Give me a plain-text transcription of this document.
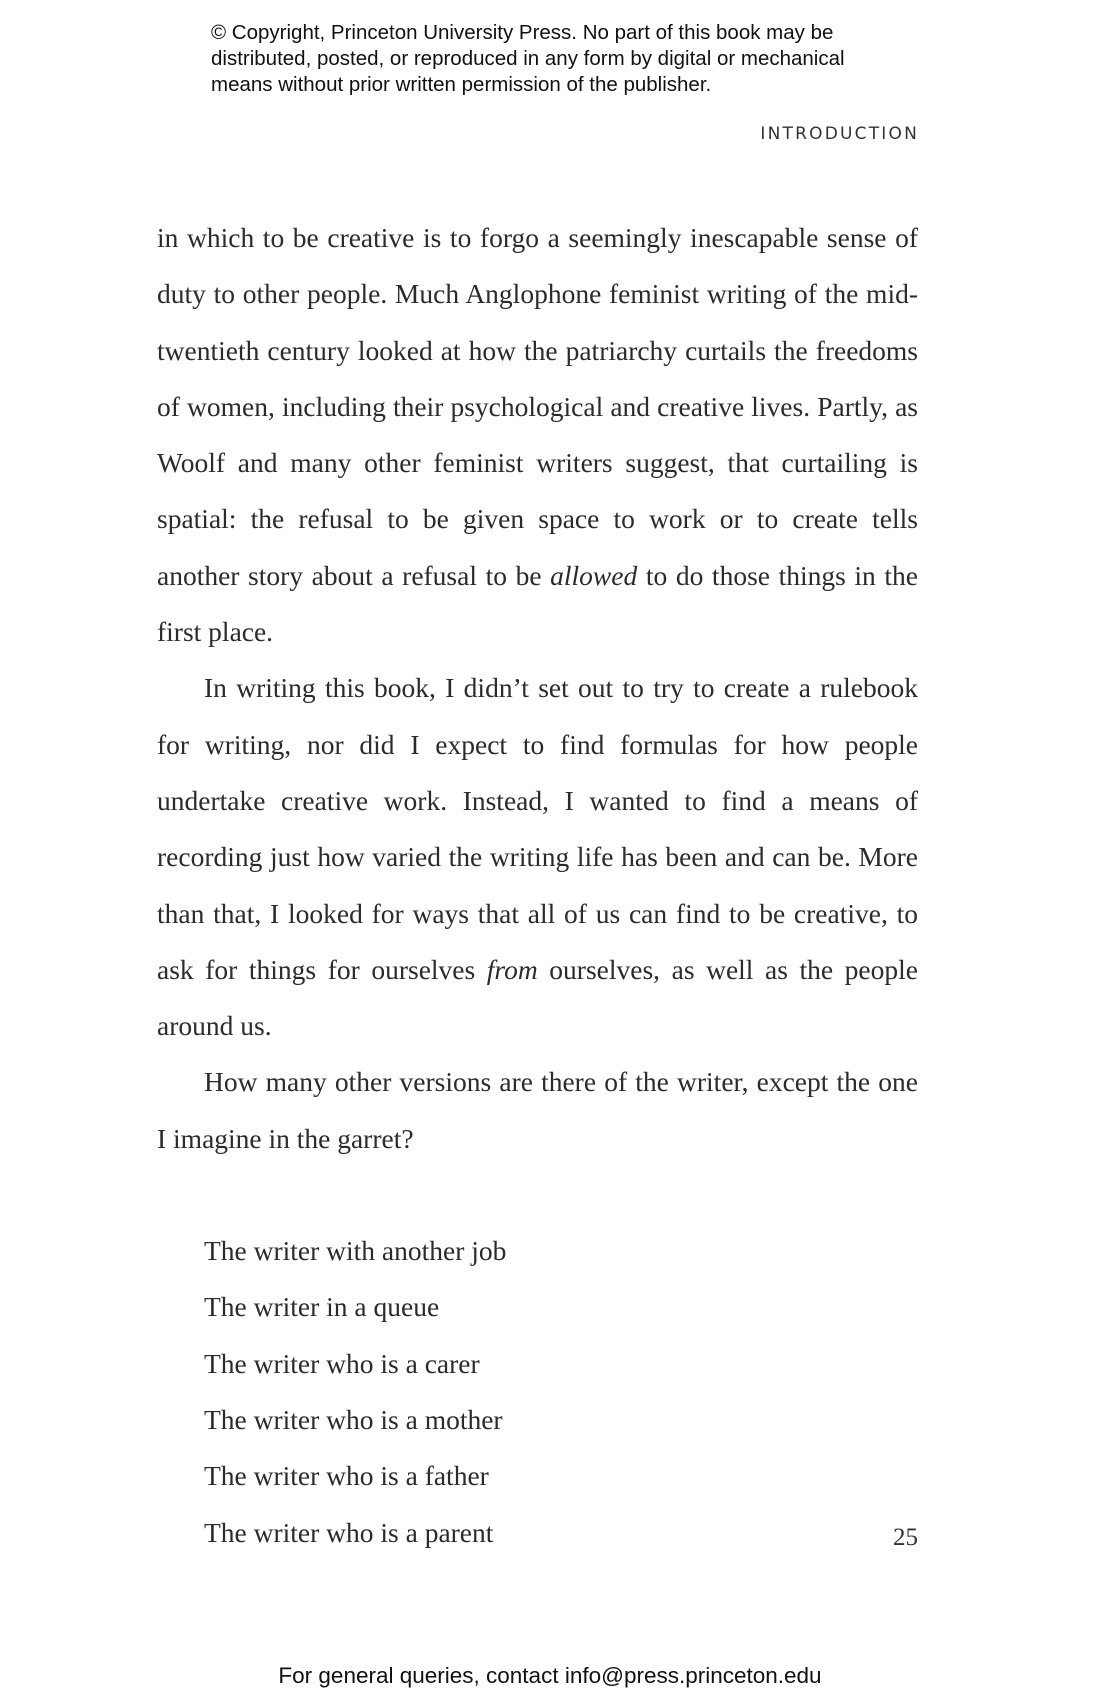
© Copyright, Princeton University Press. No part of this book may be

distributed, posted, or reproduced in any form by digital or mechanical

means without prior written permission of the publisher.

INTRODUCTION

in which to be creative is to forgo a seemingly inescapable sense of duty to other people. Much Anglophone feminist writing of the mid-twentieth century looked at how the patriarchy curtails the freedoms of women, including their psychological and creative lives. Partly, as Woolf and many other feminist writers suggest, that curtailing is spatial: the refusal to be given space to work or to create tells another story about a refusal to be allowed to do those things in the first place.

In writing this book, I didn’t set out to try to create a rulebook for writing, nor did I expect to find formulas for how people undertake creative work. Instead, I wanted to find a means of recording just how varied the writing life has been and can be. More than that, I looked for ways that all of us can find to be creative, to ask for things for ourselves from ourselves, as well as the people around us.

How many other versions are there of the writer, except the one I imagine in the garret?

The writer with another job
The writer in a queue
The writer who is a carer
The writer who is a mother
The writer who is a father
The writer who is a parent	25
For general queries, contact info@press.princeton.edu
